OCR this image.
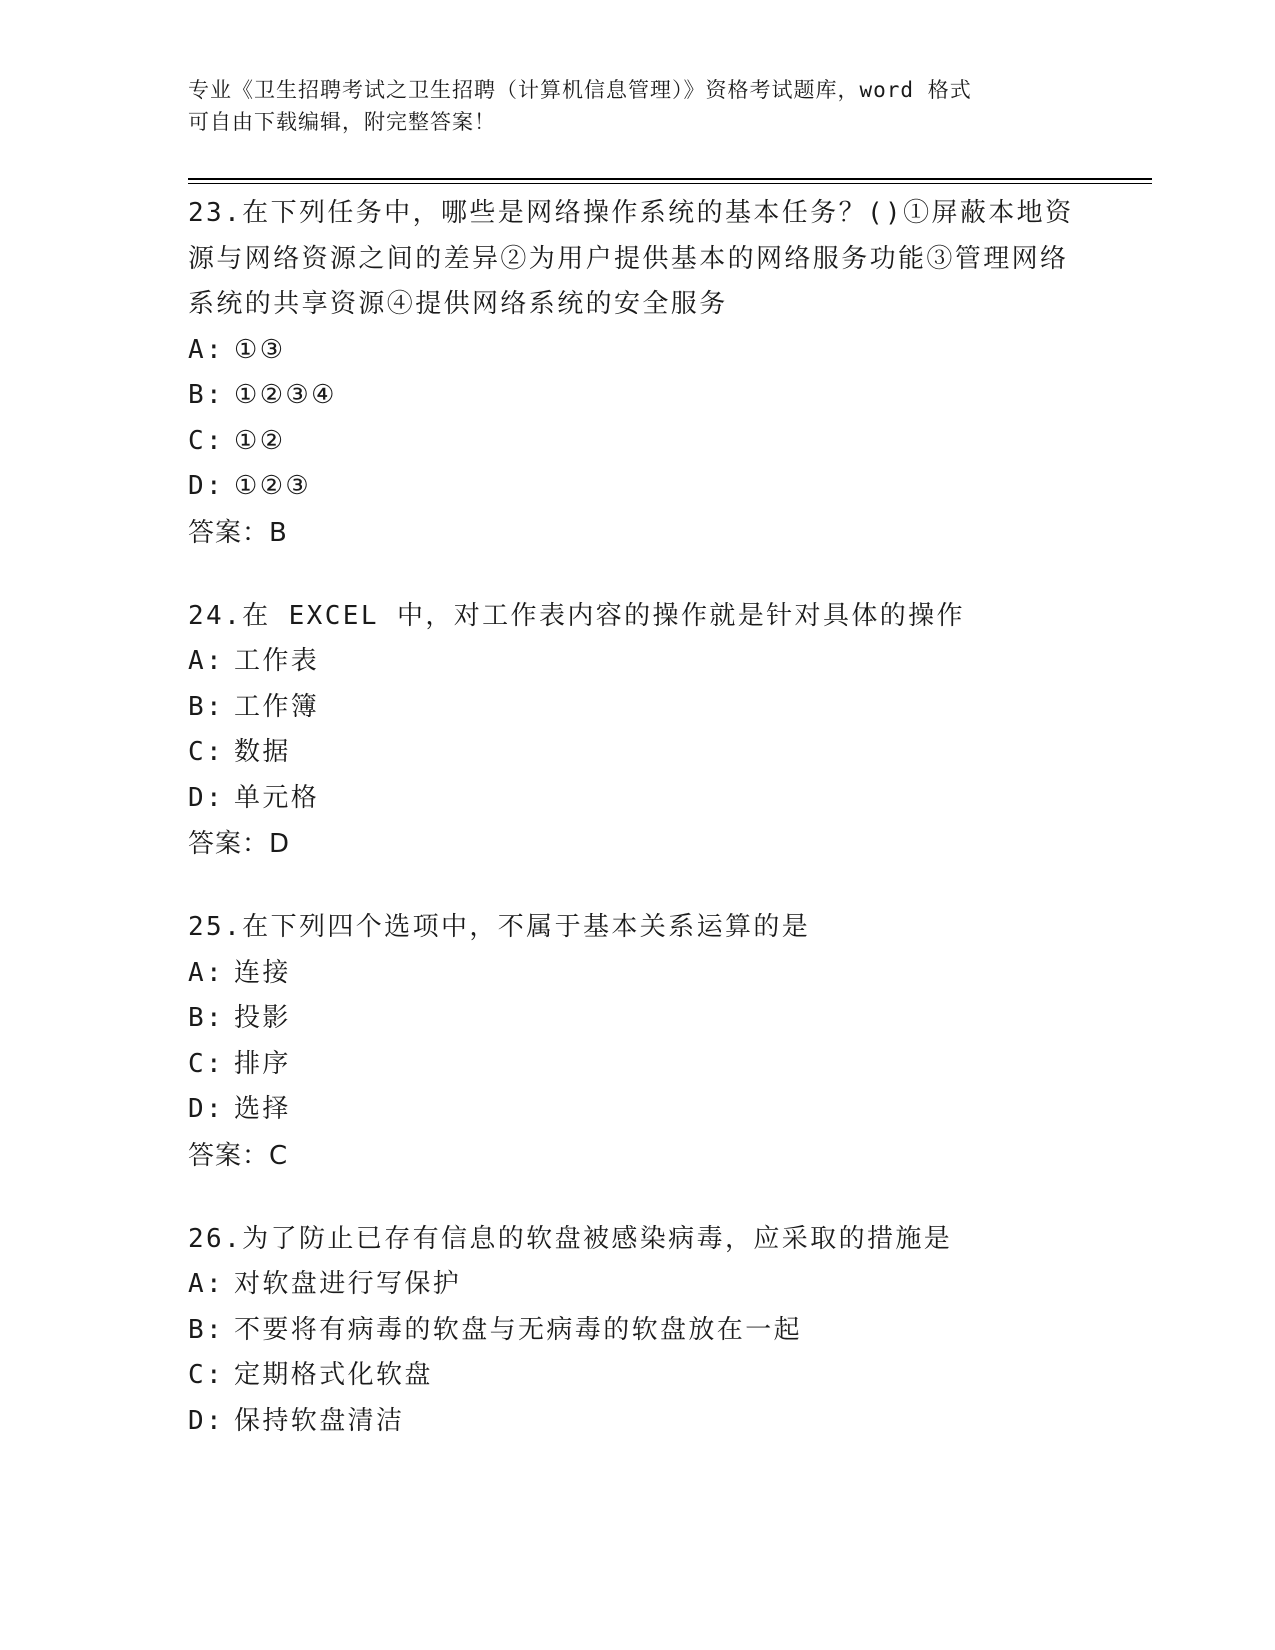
专业《卫生招聘考试之卫生招聘（计算机信息管理）》资格考试题库，word 格式
可自由下载编辑，附完整答案！

23.在下列任务中，哪些是网络操作系统的基本任务？()①屏蔽本地资源与网络资源之间的差异②为用户提供基本的网络服务功能③管理网络系统的共享资源④提供网络系统的安全服务

A: ①③
B: ①②③④
C: ①②
D: ①②③
答案：B

24.在 EXCEL 中，对工作表内容的操作就是针对具体的操作

A: 工作表
B: 工作簿
C: 数据
D: 单元格
答案：D

25.在下列四个选项中，不属于基本关系运算的是

A: 连接
B: 投影
C: 排序
D: 选择
答案：C

26.为了防止已存有信息的软盘被感染病毒，应采取的措施是

A: 对软盘进行写保护
B: 不要将有病毒的软盘与无病毒的软盘放在一起
C: 定期格式化软盘
D: 保持软盘清洁
